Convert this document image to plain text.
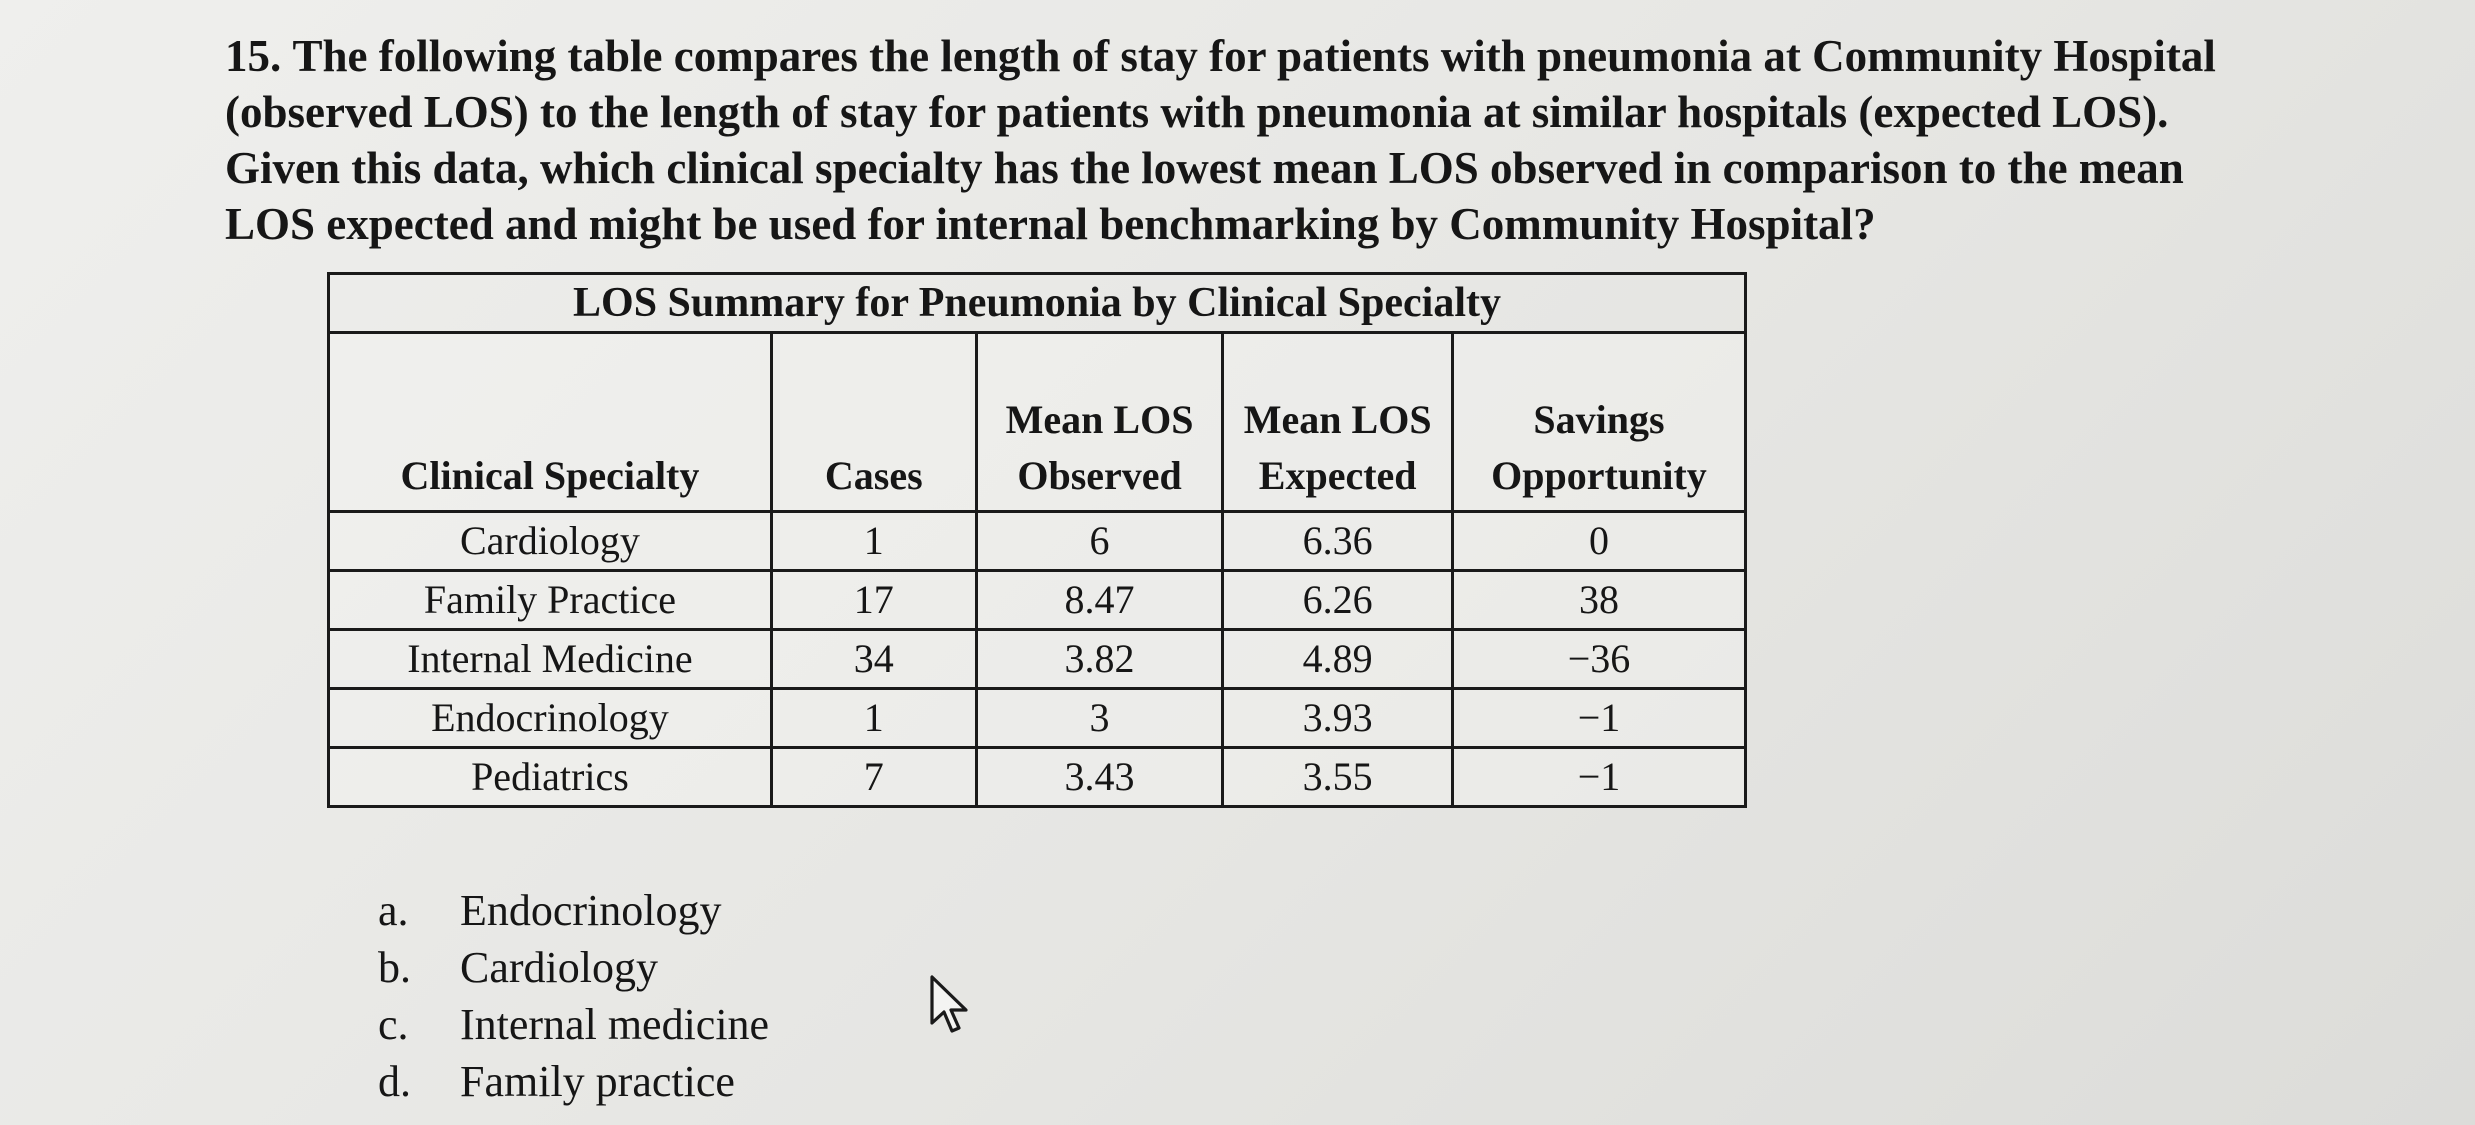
15. The following table compares the length of stay for patients with pneumonia at Community Hospital (observed LOS) to the length of stay for patients with pneumonia at similar hospitals (expected LOS). Given this data, which clinical specialty has the lowest mean LOS observed in comparison to the mean LOS expected and might be used for internal benchmarking by Community Hospital?

LOS Summary for Pneumonia by Clinical Specialty
Clinical Specialty	Cases	Mean LOS Observed	Mean LOS Expected	Savings Opportunity
Cardiology	1	6	6.36	0
Family Practice	17	8.47	6.26	38
Internal Medicine	34	3.82	4.89	−36
Endocrinology	1	3	3.93	−1
Pediatrics	7	3.43	3.55	−1
a.	Endocrinology
b.	Cardiology
c.	Internal medicine
d.	Family practice
